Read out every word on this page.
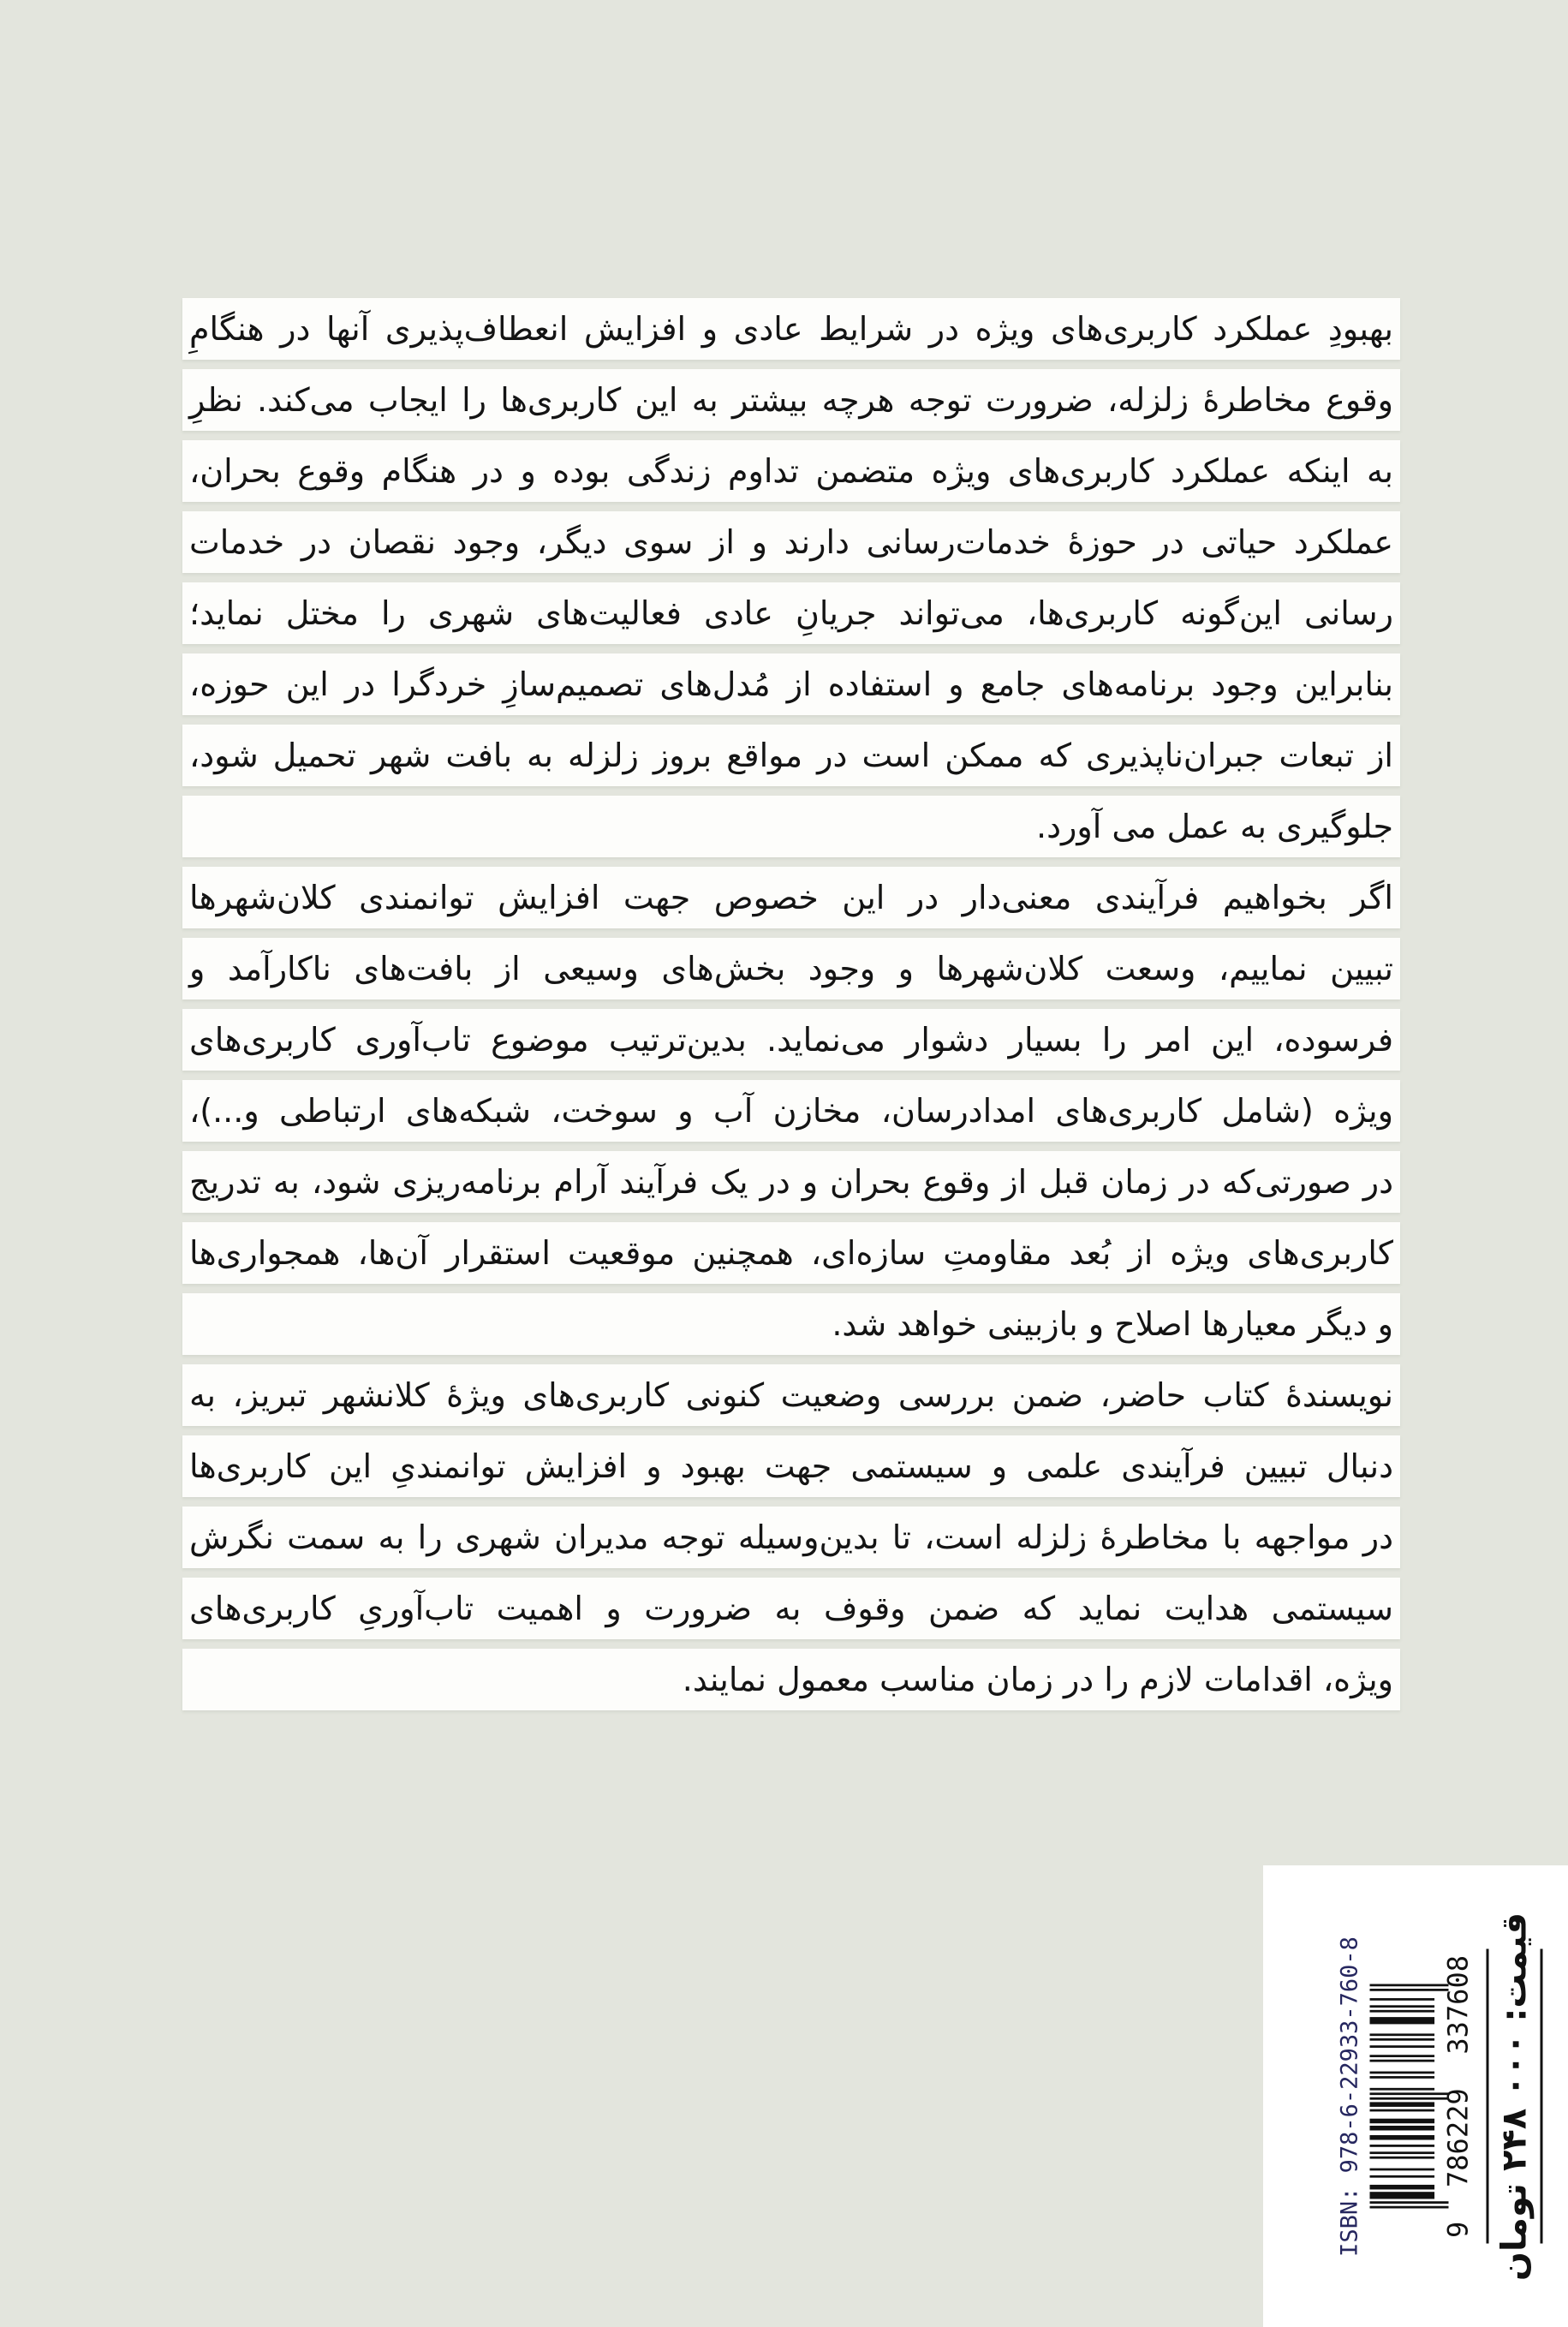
بهبودِ عملکرد کاربری‌های ویژه در شرایط عادی و افزایش انعطاف‌پذیری آنها در هنگامِ
وقوع مخاطرهٔ زلزله، ضرورت توجه هرچه بیشتر به این کاربری‌ها را ایجاب می‌کند. نظرِ
به اینکه عملکرد کاربری‌های ویژه متضمن تداوم زندگی بوده و در هنگام وقوع بحران،
عملکرد حیاتی در حوزهٔ خدمات‌رسانی دارند و از سوی دیگر، وجود نقصان در خدمات
رسانی این‌گونه کاربری‌ها، می‌تواند جریانِ عادی فعالیت‌های شهری را مختل نماید؛
بنابراین وجود برنامه‌های جامع و استفاده از مُدل‌های تصمیم‌سازِ خردگرا در این حوزه،
از تبعات جبران‌ناپذیری که ممکن است در مواقع بروز زلزله به بافت شهر تحمیل شود،
جلوگیری به عمل می آورد.
اگر بخواهیم فرآیندی معنی‌دار در این خصوص جهت افزایش توانمندی کلان‌شهرها
تبیین نماییم، وسعت کلان‌شهرها و وجود بخش‌های وسیعی از بافت‌های ناکارآمد و
فرسوده، این امر را بسیار دشوار می‌نماید. بدین‌ترتیب موضوع تاب‌آوری کاربری‌های
ویژه (شامل کاربری‌های امدادرسان، مخازن آب و سوخت، شبکه‌های ارتباطی و...)،
در صورتی‌که در زمان قبل از وقوع بحران و در یک فرآیند آرام برنامه‌ریزی شود، به تدریج
کاربری‌های ویژه از بُعد مقاومتِ سازه‌ای، همچنین موقعیت استقرار آن‌ها، همجواری‌ها
و دیگر معیارها اصلاح و بازبینی خواهد شد.
نویسندهٔ کتاب حاضر، ضمن بررسی وضعیت کنونی کاربری‌های ویژهٔ کلانشهر تبریز، به
دنبال تبیین فرآیندی علمی و سیستمی جهت بهبود و افزایش توانمندیِ این کاربری‌ها
در مواجهه با مخاطرهٔ زلزله است، تا بدین‌وسیله توجه مدیران شهری را به سمت نگرش
سیستمی هدایت نماید که ضمن وقوف به ضرورت و اهمیت تاب‌آوریِ کاربری‌های
ویژه، اقدامات لازم را در زمان مناسب معمول نمایند.
ISBN: 978-6-22933-760-8	9
786229
337608 قیمت:
۲۴۸ ۰۰۰
تومان
